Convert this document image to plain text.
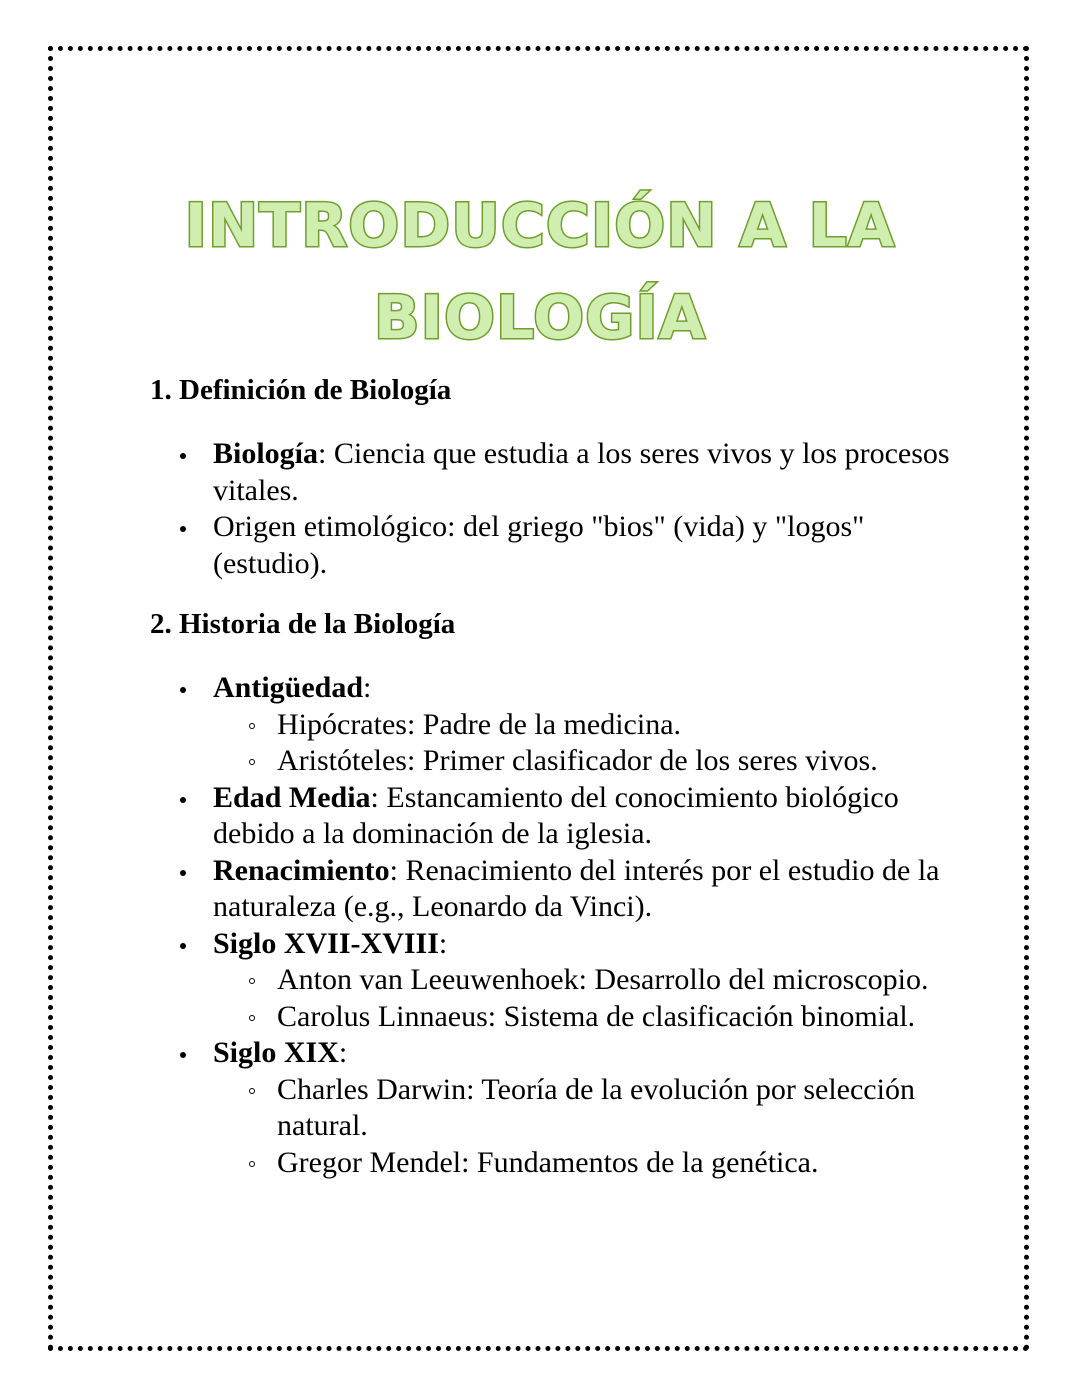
INTRODUCCIÓN A LA
BIOLOGÍA
1. Definición de Biología
Biología: Ciencia que estudia a los seres vivos y los procesos vitales.
Origen etimológico: del griego "bios" (vida) y "logos" (estudio).
2. Historia de la Biología
Antigüedad:
Hipócrates: Padre de la medicina.
Aristóteles: Primer clasificador de los seres vivos.
Edad Media: Estancamiento del conocimiento biológico debido a la dominación de la iglesia.
Renacimiento: Renacimiento del interés por el estudio de la naturaleza (e.g., Leonardo da Vinci).
Siglo XVII-XVIII:
Anton van Leeuwenhoek: Desarrollo del microscopio.
Carolus Linnaeus: Sistema de clasificación binomial.
Siglo XIX:
Charles Darwin: Teoría de la evolución por selección natural.
Gregor Mendel: Fundamentos de la genética.
